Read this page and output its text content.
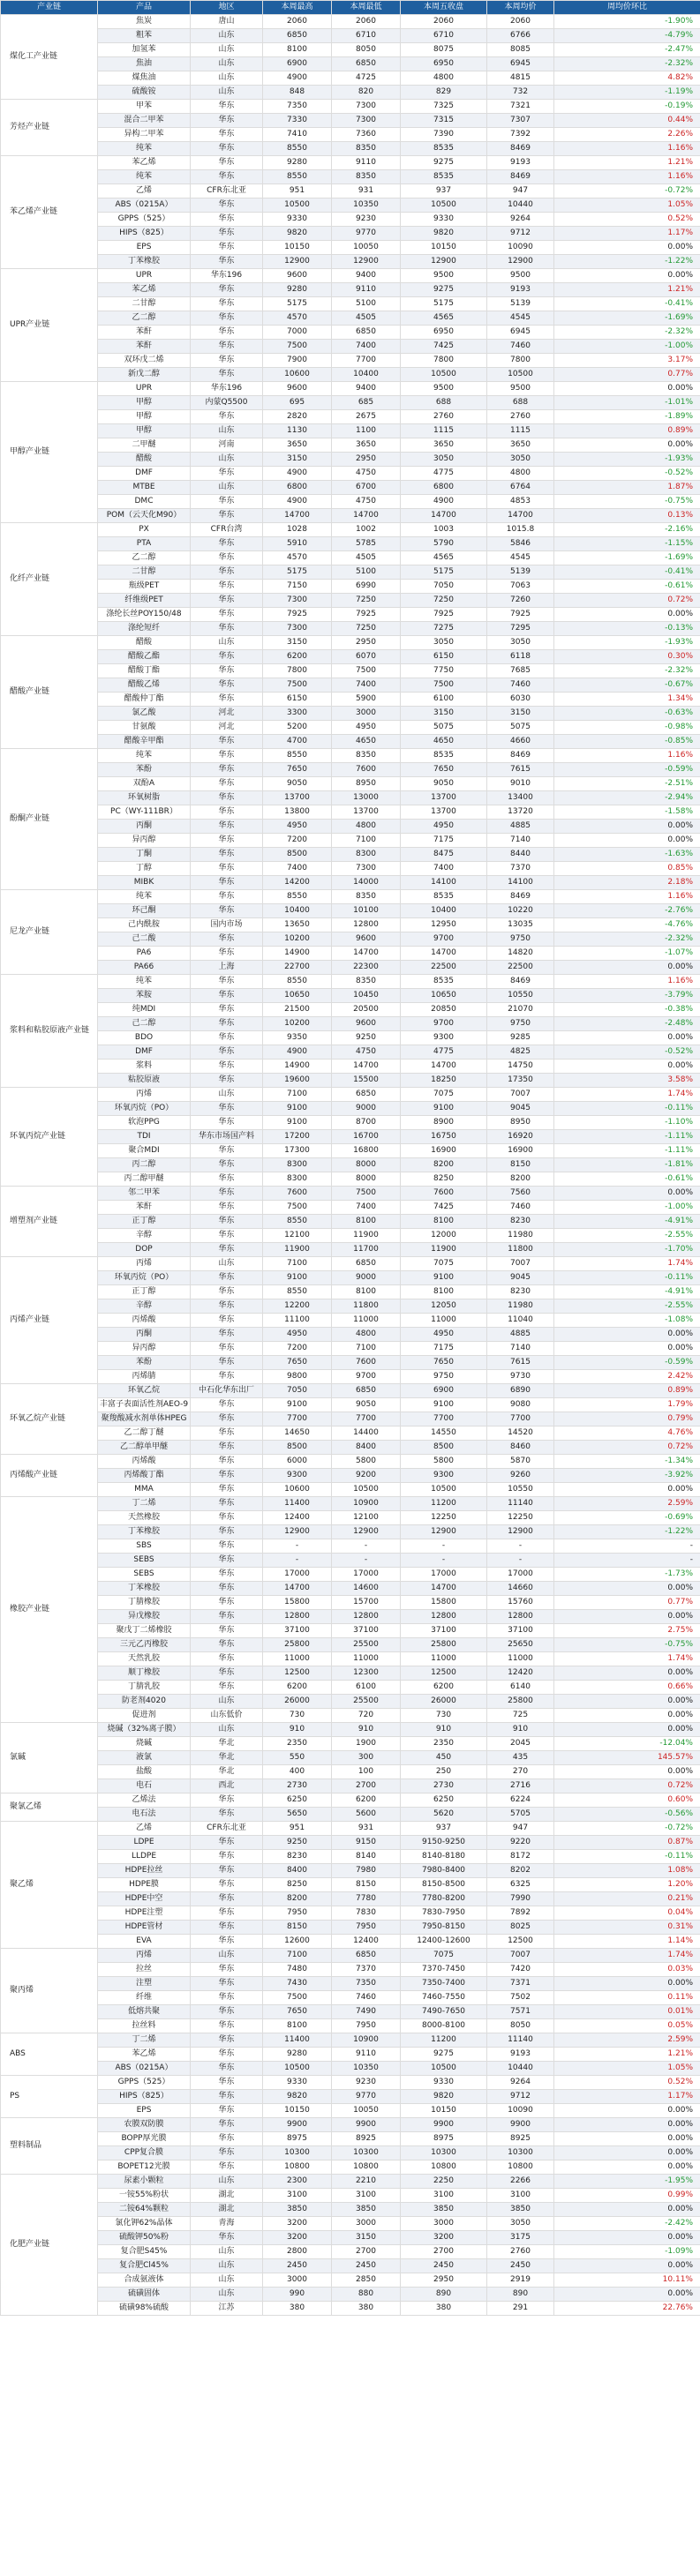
产业链	产品	地区	本周最高	本周最低	本周五收盘	本周均价	周均价环比
煤化工产业链	焦炭	唐山	2060	2060	2060	2060	-1.90%
	粗苯	山东	6850	6710	6710	6766	-4.79%
	加氢苯	山东	8100	8050	8075	8085	-2.47%
	焦油	山东	6900	6850	6950	6945	-2.32%
	煤焦油	山东	4900	4725	4800	4815	4.82%
	硫酸铵	山东	848	820	829	732	-1.19%
芳烃产业链	甲苯	华东	7350	7300	7325	7321	-0.19%
	混合二甲苯	华东	7330	7300	7315	7307	0.44%
	异构二甲苯	华东	7410	7360	7390	7392	2.26%
	纯苯	华东	8550	8350	8535	8469	1.16%
苯乙烯产业链	苯乙烯	华东	9280	9110	9275	9193	1.21%
	纯苯	华东	8550	8350	8535	8469	1.16%
	乙烯	CFR东北亚	951	931	937	947	-0.72%
	ABS（0215A）	华东	10500	10350	10500	10440	1.05%
	GPPS（525）	华东	9330	9230	9330	9264	0.52%
	HIPS（825）	华东	9820	9770	9820	9712	1.17%
	EPS	华东	10150	10050	10150	10090	0.00%
	丁苯橡胶	华东	12900	12900	12900	12900	-1.22%
UPR产业链	UPR	华东196	9600	9400	9500	9500	0.00%
	苯乙烯	华东	9280	9110	9275	9193	1.21%
	二甘醇	华东	5175	5100	5175	5139	-0.41%
	乙二醇	华东	4570	4505	4565	4545	-1.69%
	苯酐	华东	7000	6850	6950	6945	-2.32%
	苯酐	华东	7500	7400	7425	7460	-1.00%
	双环戊二烯	华东	7900	7700	7800	7800	3.17%
	新戊二醇	华东	10600	10400	10500	10500	0.77%
甲醇产业链	UPR	华东196	9600	9400	9500	9500	0.00%
	甲醇	内蒙Q5500	695	685	688	688	-1.01%
	甲醇	华东	2820	2675	2760	2760	-1.89%
	甲醇	山东	1130	1100	1115	1115	0.89%
	二甲醚	河南	3650	3650	3650	3650	0.00%
	醋酸	山东	3150	2950	3050	3050	-1.93%
	DMF	华东	4900	4750	4775	4800	-0.52%
	MTBE	山东	6800	6700	6800	6764	1.87%
	DMC	华东	4900	4750	4900	4853	-0.75%
	POM（云天化M90）	华东	14700	14700	14700	14700	0.13%
化纤产业链	PX	CFR台湾	1028	1002	1003	1015.8	-2.16%
	PTA	华东	5910	5785	5790	5846	-1.15%
	乙二醇	华东	4570	4505	4565	4545	-1.69%
	二甘醇	华东	5175	5100	5175	5139	-0.41%
	瓶级PET	华东	7150	6990	7050	7063	-0.61%
	纤维级PET	华东	7300	7250	7250	7260	0.72%
	涤纶长丝POY150/48	华东	7925	7925	7925	7925	0.00%
	涤纶短纤	华东	7300	7250	7275	7295	-0.13%
醋酸产业链	醋酸	山东	3150	2950	3050	3050	-1.93%
	醋酸乙酯	华东	6200	6070	6150	6118	0.30%
	醋酸丁酯	华东	7800	7500	7750	7685	-2.32%
	醋酸乙烯	华东	7500	7400	7500	7460	-0.67%
	醋酸仲丁酯	华东	6150	5900	6100	6030	1.34%
	氯乙酸	河北	3300	3000	3150	3150	-0.63%
	甘氨酸	河北	5200	4950	5075	5075	-0.98%
	醋酸辛甲酯	华东	4700	4650	4650	4660	-0.85%
酚酮产业链	纯苯	华东	8550	8350	8535	8469	1.16%
	苯酚	华东	7650	7600	7650	7615	-0.59%
	双酚A	华东	9050	8950	9050	9010	-2.51%
	环氧树脂	华东	13700	13000	13700	13400	-2.94%
	PC（WY-111BR）	华东	13800	13700	13700	13720	-1.58%
	丙酮	华东	4950	4800	4950	4885	0.00%
	异丙醇	华东	7200	7100	7175	7140	0.00%
	丁酮	华东	8500	8300	8475	8440	-1.63%
	丁醇	华东	7400	7300	7400	7370	0.85%
	MIBK	华东	14200	14000	14100	14100	2.18%
尼龙产业链	纯苯	华东	8550	8350	8535	8469	1.16%
	环己酮	华东	10400	10100	10400	10220	-2.76%
	己内酰胺	国内市场	13650	12800	12950	13035	-4.76%
	己二酸	华东	10200	9600	9700	9750	-2.32%
	PA6	华东	14900	14700	14700	14820	-1.07%
	PA66	上海	22700	22300	22500	22500	0.00%
浆料和粘胶原液产业链	纯苯	华东	8550	8350	8535	8469	1.16%
	苯胺	华东	10650	10450	10650	10550	-3.79%
	纯MDI	华东	21500	20500	20850	21070	-0.38%
	己二醇	华东	10200	9600	9700	9750	-2.48%
	BDO	华东	9350	9250	9300	9285	0.00%
	DMF	华东	4900	4750	4775	4825	-0.52%
	浆料	华东	14900	14700	14700	14750	0.00%
	粘胶原液	华东	19600	15500	18250	17350	3.58%
环氧丙烷产业链	丙烯	山东	7100	6850	7075	7007	1.74%
	环氧丙烷（PO）	华东	9100	9000	9100	9045	-0.11%
	软泡PPG	华东	9100	8700	8900	8950	-1.10%
	TDI	华东市场国产料	17200	16700	16750	16920	-1.11%
	聚合MDI	华东	17300	16800	16900	16900	-1.11%
	丙二醇	华东	8300	8000	8200	8150	-1.81%
	丙二醇甲醚	华东	8300	8000	8250	8200	-0.61%
增塑剂产业链	邻二甲苯	华东	7600	7500	7600	7560	0.00%
	苯酐	华东	7500	7400	7425	7460	-1.00%
	正丁醇	华东	8550	8100	8100	8230	-4.91%
	辛醇	华东	12100	11900	12000	11980	-2.55%
	DOP	华东	11900	11700	11900	11800	-1.70%
丙烯产业链	丙烯	山东	7100	6850	7075	7007	1.74%
	环氧丙烷（PO）	华东	9100	9000	9100	9045	-0.11%
	正丁醇	华东	8550	8100	8100	8230	-4.91%
	辛醇	华东	12200	11800	12050	11980	-2.55%
	丙烯酸	华东	11100	11000	11000	11040	-1.08%
	丙酮	华东	4950	4800	4950	4885	0.00%
	异丙醇	华东	7200	7100	7175	7140	0.00%
	苯酚	华东	7650	7600	7650	7615	-0.59%
	丙烯腈	华东	9800	9700	9750	9730	2.42%
环氧乙烷产业链	环氧乙烷	中石化华东出厂	7050	6850	6900	6890	0.89%
	丰富子表面活性剂AEO-9	华东	9100	9050	9100	9080	1.79%
	聚羧酸减水剂单体HPEG	华东	7700	7700	7700	7700	0.79%
	乙二醇丁醚	华东	14650	14400	14550	14520	4.76%
	乙二醇单甲醚	华东	8500	8400	8500	8460	0.72%
丙烯酸产业链	丙烯酸	华东	6000	5800	5800	5870	-1.34%
	丙烯酸丁酯	华东	9300	9200	9300	9260	-3.92%
	MMA	华东	10600	10500	10500	10550	0.00%
橡胶产业链	丁二烯	华东	11400	10900	11200	11140	2.59%
	天然橡胶	华东	12400	12100	12250	12250	-0.69%
	丁苯橡胶	华东	12900	12900	12900	12900	-1.22%
	SBS	华东	-	-	-	-	-
	SEBS	华东	-	-	-	-	-
	SEBS	华东	17000	17000	17000	17000	-1.73%
	丁苯橡胶	华东	14700	14600	14700	14660	0.00%
	丁腈橡胶	华东	15800	15700	15800	15760	0.77%
	异戊橡胶	华东	12800	12800	12800	12800	0.00%
	聚戊丁二烯橡胶	华东	37100	37100	37100	37100	2.75%
	三元乙丙橡胶	华东	25800	25500	25800	25650	-0.75%
	天然乳胶	华东	11000	11000	11000	11000	1.74%
	顺丁橡胶	华东	12500	12300	12500	12420	0.00%
	丁腈乳胶	华东	6200	6100	6200	6140	0.66%
	防老剂4020	山东	26000	25500	26000	25800	0.00%
	促进剂	山东低价	730	720	730	725	0.00%
氯碱	烧碱（32%离子膜）	山东	910	910	910	910	0.00%
	烧碱	华北	2350	1900	2350	2045	-12.04%
	液氯	华北	550	300	450	435	145.57%
	盐酸	华北	400	100	250	270	0.00%
	电石	西北	2730	2700	2730	2716	0.72%
聚氯乙烯	乙烯法	华东	6250	6200	6250	6224	0.60%
	电石法	华东	5650	5600	5620	5705	-0.56%
聚乙烯	乙烯	CFR东北亚	951	931	937	947	-0.72%
	LDPE	华东	9250	9150	9150-9250	9220	0.87%
	LLDPE	华东	8230	8140	8140-8180	8172	-0.11%
	HDPE拉丝	华东	8400	7980	7980-8400	8202	1.08%
	HDPE膜	华东	8250	8150	8150-8500	6325	1.20%
	HDPE中空	华东	8200	7780	7780-8200	7990	0.21%
	HDPE注塑	华东	7950	7830	7830-7950	7892	0.04%
	HDPE管材	华东	8150	7950	7950-8150	8025	0.31%
	EVA	华东	12600	12400	12400-12600	12500	1.14%
聚丙烯	丙烯	山东	7100	6850	7075	7007	1.74%
	拉丝	华东	7480	7370	7370-7450	7420	0.03%
	注塑	华东	7430	7350	7350-7400	7371	0.00%
	纤维	华东	7500	7460	7460-7550	7502	0.11%
	低熔共聚	华东	7650	7490	7490-7650	7571	0.01%
	拉丝料	华东	8100	7950	8000-8100	8050	0.05%
ABS	丁二烯	华东	11400	10900	11200	11140	2.59%
	苯乙烯	华东	9280	9110	9275	9193	1.21%
	ABS（0215A）	华东	10500	10350	10500	10440	1.05%
PS	GPPS（525）	华东	9330	9230	9330	9264	0.52%
	HIPS（825）	华东	9820	9770	9820	9712	1.17%
	EPS	华东	10150	10050	10150	10090	0.00%
塑料制品	农膜双防膜	华东	9900	9900	9900	9900	0.00%
	BOPP厚光膜	华东	8975	8925	8975	8925	0.00%
	CPP复合膜	华东	10300	10300	10300	10300	0.00%
	BOPET12光膜	华东	10800	10800	10800	10800	0.00%
化肥产业链	尿素小颗粒	山东	2300	2210	2250	2266	-1.95%
	一铵55%粉状	湖北	3100	3100	3100	3100	0.99%
	二铵64%颗粒	湖北	3850	3850	3850	3850	0.00%
	氯化钾62%晶体	青海	3200	3000	3000	3050	-2.42%
	硫酸钾50%粉	华东	3200	3150	3200	3175	0.00%
	复合肥S45%	山东	2800	2700	2700	2760	-1.09%
	复合肥Cl45%	山东	2450	2450	2450	2450	0.00%
	合成氨液体	山东	3000	2850	2950	2919	10.11%
	硫磺固体	山东	990	880	890	890	0.00%
	硫磺98%硫酸	江苏	380	380	380	291	22.76%
